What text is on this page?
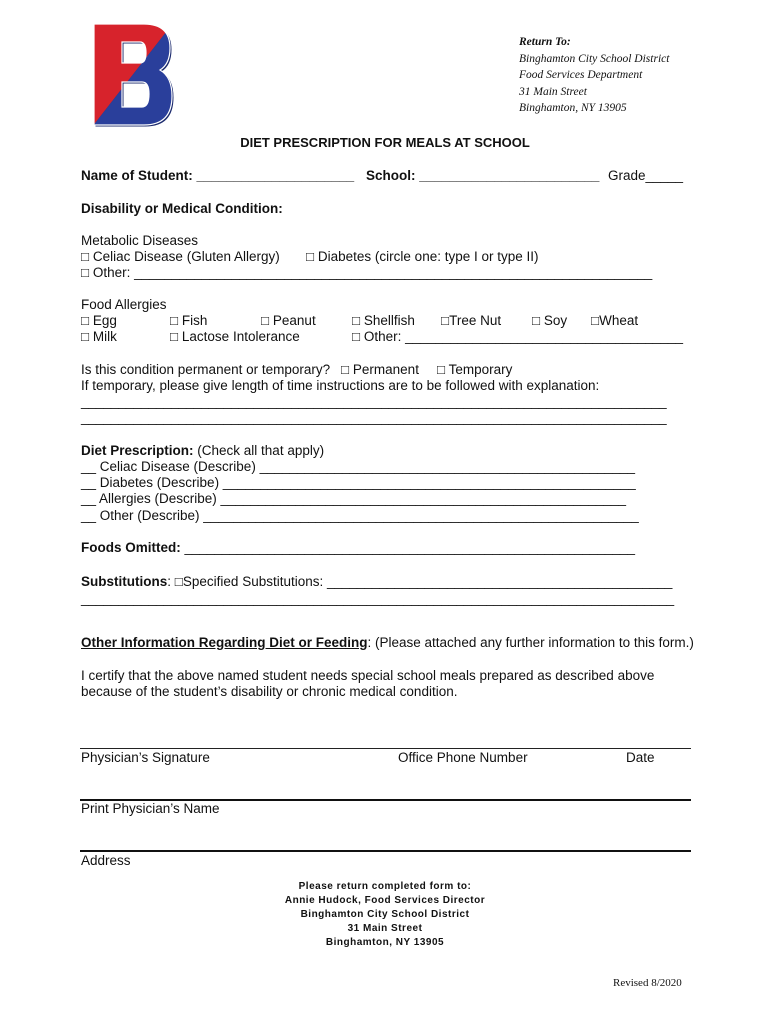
Return To:
Binghamton City School District
Food Services Department
31 Main Street
Binghamton, NY 13905
DIET PRESCRIPTION FOR MEALS AT SCHOOL
Name of Student: _____________________ School: ________________________ Grade_____
Disability or Medical Condition:
Metabolic Diseases
□ Celiac Disease (Gluten Allergy) □ Diabetes (circle one: type I or type II)
□ Other: _____________________________________________________________________
Food Allergies
□ Egg	□ Fish	□ Peanut	□ Shellfish □Tree Nut □ Soy □Wheat
□ Milk	□ Lactose Intolerance	□ Other: _____________________________________
Is this condition permanent or temporary? □ Permanent □ Temporary
If temporary, please give length of time instructions are to be followed with explanation:
______________________________________________________________________________
______________________________________________________________________________
Diet Prescription: (Check all that apply)
__ Celiac Disease (Describe) __________________________________________________
__ Diabetes (Describe) _______________________________________________________
__ Allergies (Describe) ______________________________________________________
__ Other (Describe) __________________________________________________________
Foods Omitted: ____________________________________________________________
Substitutions: □Specified Substitutions: ______________________________________________
_______________________________________________________________________________
Other Information Regarding Diet or Feeding: (Please attached any further information to this form.)
I certify that the above named student needs special school meals prepared as described above
because of the student’s disability or chronic medical condition.
Physician’s Signature	Office Phone Number	Date
Print Physician’s Name
Address
Please return completed form to:
Annie Hudock, Food Services Director
Binghamton City School District
31 Main Street
Binghamton, NY 13905
Revised 8/2020
